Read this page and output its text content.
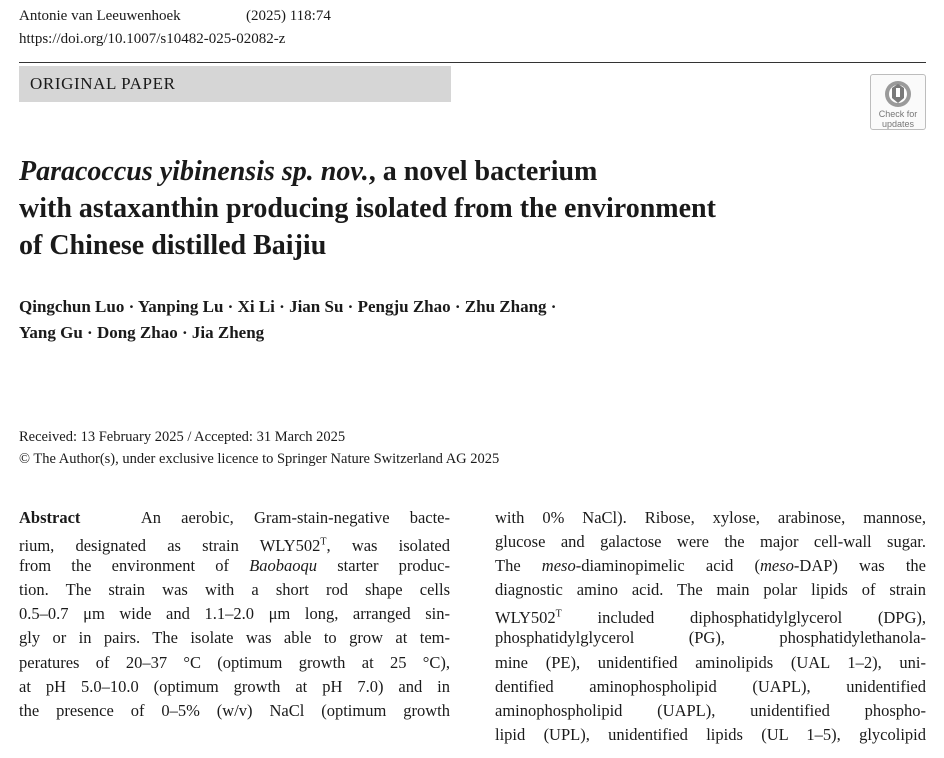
Antonie van Leeuwenhoek	(2025) 118:74
https://doi.org/10.1007/s10482-025-02082-z
ORIGINAL PAPER
Check for
updates
Paracoccus yibinensis sp. nov., a novel bacterium
with astaxanthin producing isolated from the environment
of Chinese distilled Baijiu
Qingchun Luo · Yanping Lu · Xi Li · Jian Su · Pengju Zhao · Zhu Zhang ·
Yang Gu · Dong Zhao · Jia Zheng
Received: 13 February 2025 / Accepted: 31 March 2025
© The Author(s), under exclusive licence to Springer Nature Switzerland AG 2025
Abstract	An aerobic, Gram-stain-negative bacte-
rium, designated as strain $WLY502^T$, was isolated
from the environment of Baobaoqu starter produc-
tion. The strain was with a short rod shape cells
0.5–0.7 μm wide and 1.1–2.0 μm long, arranged sin-
gly or in pairs. The isolate was able to grow at tem-
peratures of 20–37 °C (optimum growth at 25 °C),
at pH 5.0–10.0 (optimum growth at pH 7.0) and in
the presence of 0–5% (w/v) NaCl (optimum growth
with 0% NaCl). Ribose, xylose, arabinose, mannose,
glucose and galactose were the major cell-wall sugar.
The meso-diaminopimelic acid (meso-DAP) was the
diagnostic amino acid. The main polar lipids of strain
$WLY502^T$ included diphosphatidylglycerol (DPG),
phosphatidylglycerol (PG), phosphatidylethanola-
mine (PE), unidentified aminolipids (UAL 1–2), uni-
dentified aminophospholipid (UAPL), unidentified
aminophospholipid (UAPL), unidentified phospho-
lipid (UPL), unidentified lipids (UL 1–5), glycolipid
